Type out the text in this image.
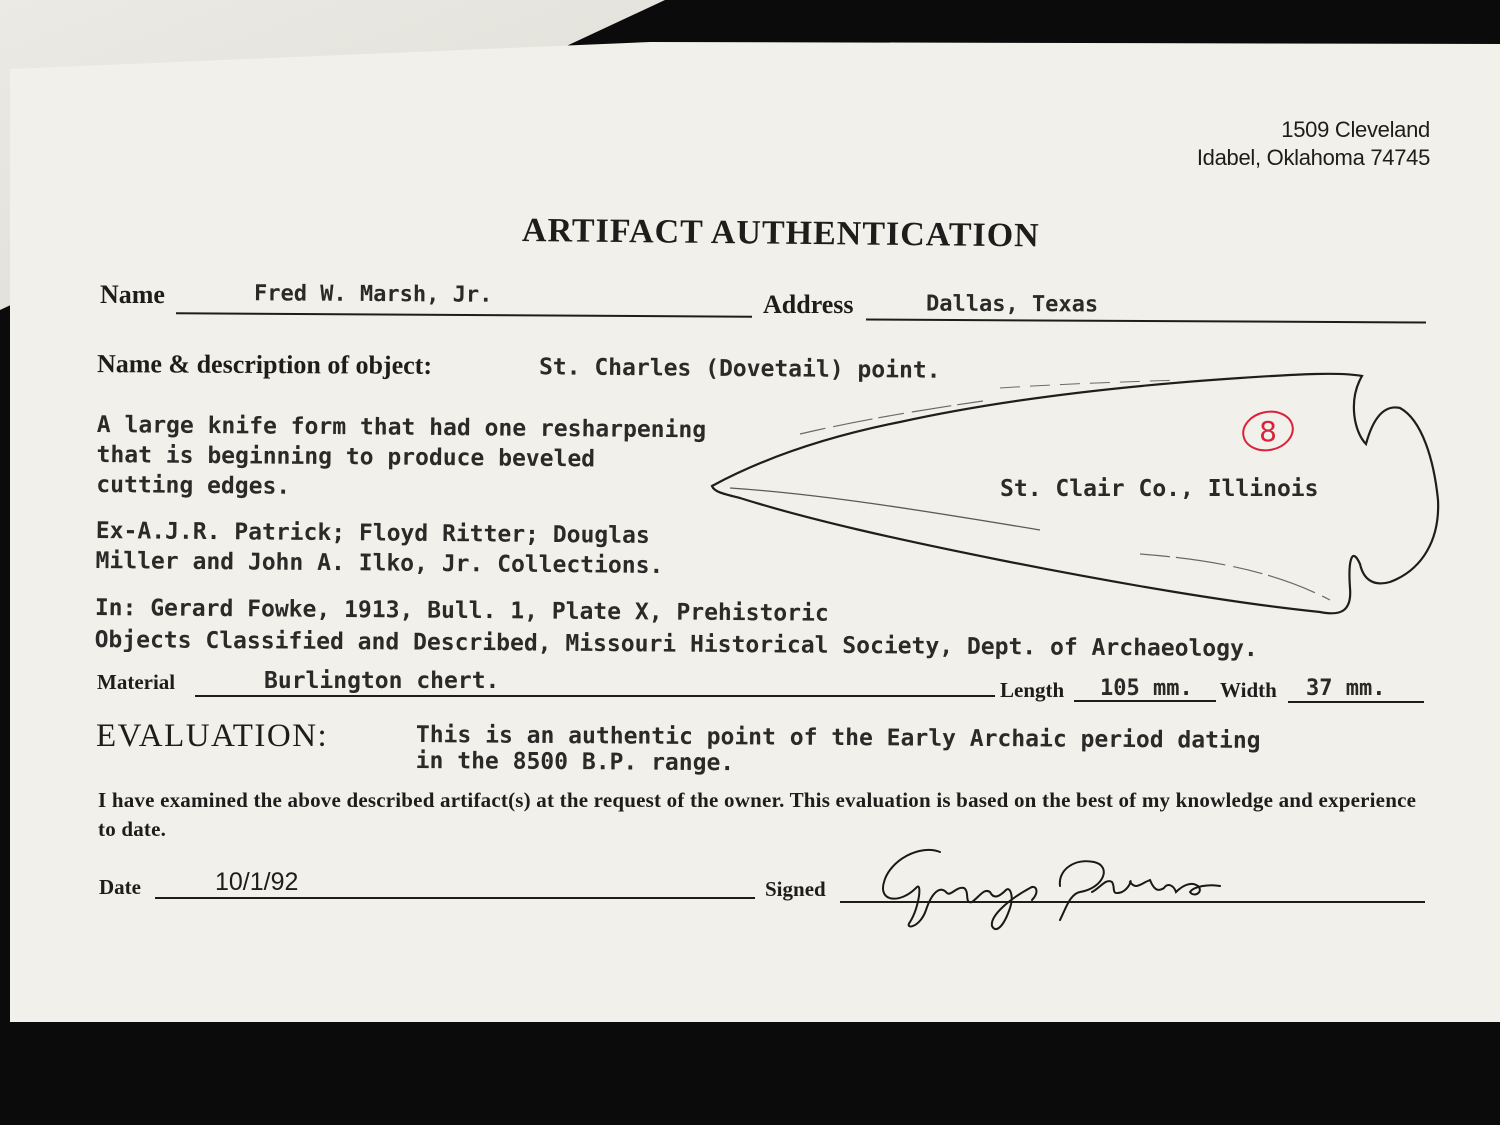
1509 Cleveland
Idabel, Oklahoma 74745
ARTIFACT AUTHENTICATION
Name	Fred W. Marsh, Jr.	Address	Dallas, Texas
Name & description of object:	St. Charles (Dovetail) point.
A large knife form that had one resharpening
that is beginning to produce beveled
cutting edges.
Ex-A.J.R. Patrick; Floyd Ritter; Douglas
Miller and John A. Ilko, Jr. Collections.
In: Gerard Fowke, 1913, Bull. 1, Plate X, Prehistoric
Objects Classified and Described, Missouri Historical Society, Dept. of Archaeology.
St. Clair Co., Illinois
8
Material	Burlington chert.	Length 105 mm. Width 37 mm.
EVALUATION:	This is an authentic point of the Early Archaic period dating
in the 8500 B.P. range.
I have examined the above described artifact(s) at the request of the owner. This evaluation is based on the best of my knowledge and experience to date.
Date	10/1/92	Signed
